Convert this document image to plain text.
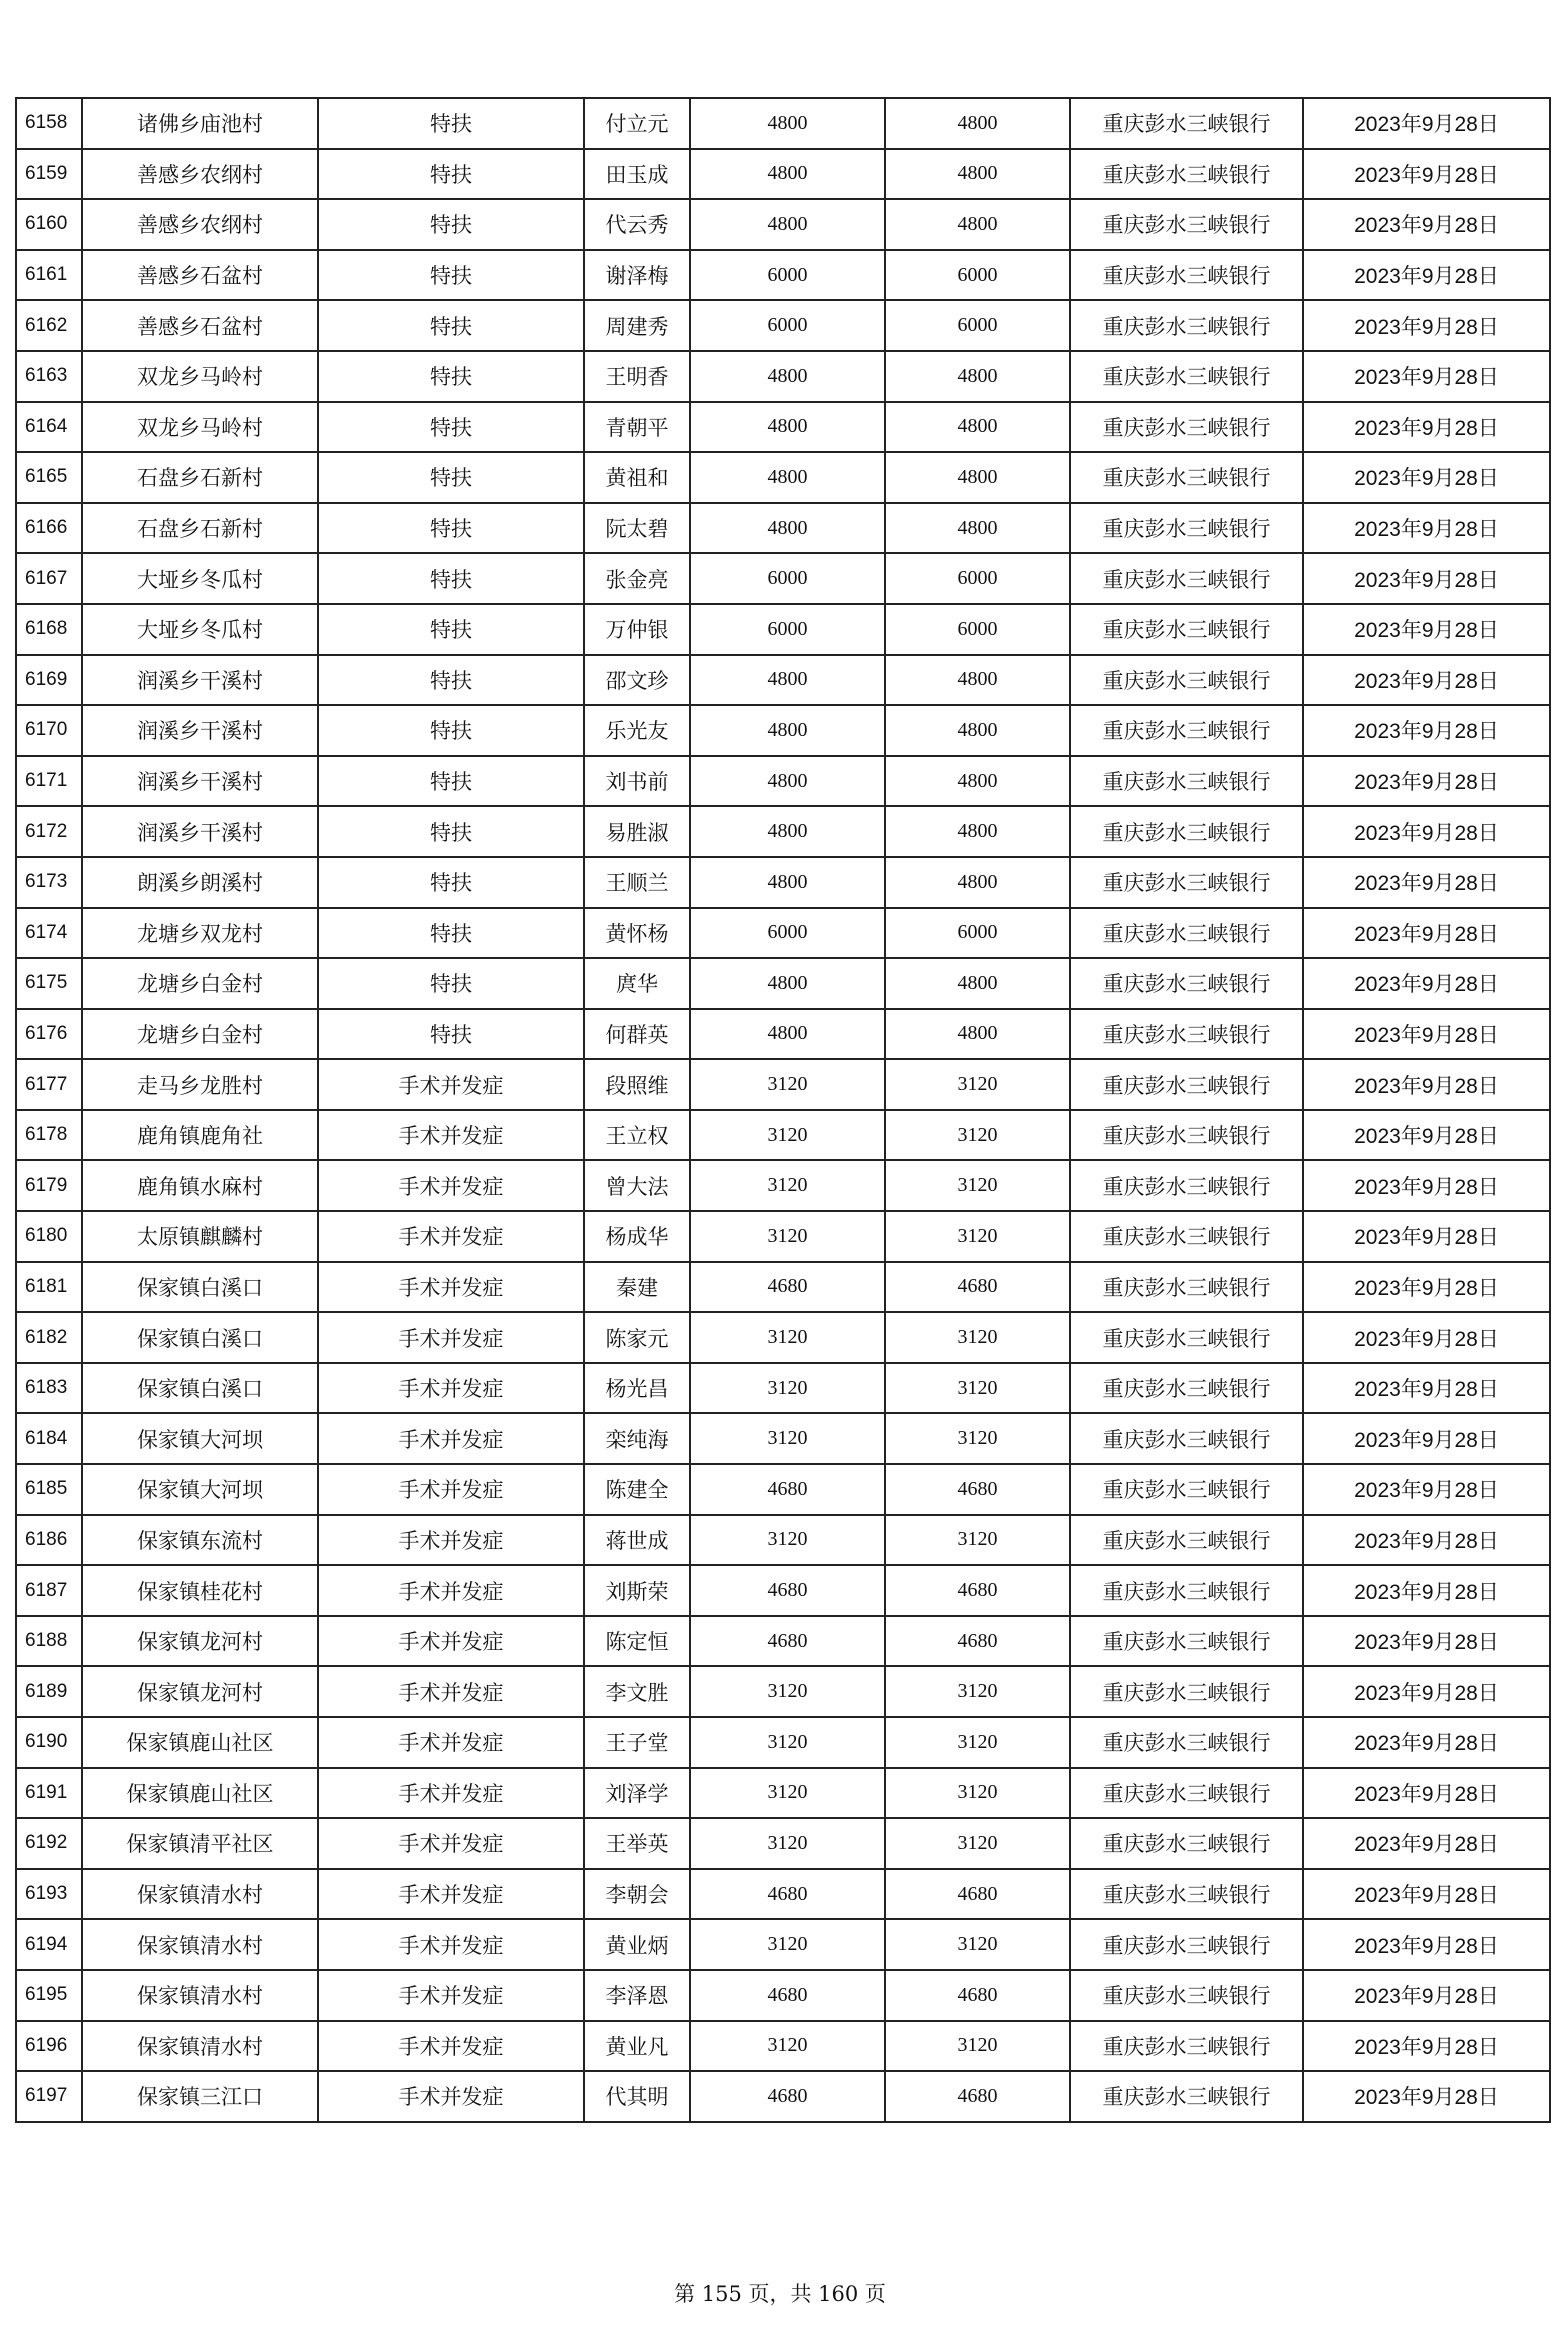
6158	诸佛乡庙池村	特扶	付立元	4800	4800	重庆彭水三峡银行	2023年9月28日
6159	善感乡农纲村	特扶	田玉成	4800	4800	重庆彭水三峡银行	2023年9月28日
6160	善感乡农纲村	特扶	代云秀	4800	4800	重庆彭水三峡银行	2023年9月28日
6161	善感乡石盆村	特扶	谢泽梅	6000	6000	重庆彭水三峡银行	2023年9月28日
6162	善感乡石盆村	特扶	周建秀	6000	6000	重庆彭水三峡银行	2023年9月28日
6163	双龙乡马岭村	特扶	王明香	4800	4800	重庆彭水三峡银行	2023年9月28日
6164	双龙乡马岭村	特扶	青朝平	4800	4800	重庆彭水三峡银行	2023年9月28日
6165	石盘乡石新村	特扶	黄祖和	4800	4800	重庆彭水三峡银行	2023年9月28日
6166	石盘乡石新村	特扶	阮太碧	4800	4800	重庆彭水三峡银行	2023年9月28日
6167	大垭乡冬瓜村	特扶	张金亮	6000	6000	重庆彭水三峡银行	2023年9月28日
6168	大垭乡冬瓜村	特扶	万仲银	6000	6000	重庆彭水三峡银行	2023年9月28日
6169	润溪乡干溪村	特扶	邵文珍	4800	4800	重庆彭水三峡银行	2023年9月28日
6170	润溪乡干溪村	特扶	乐光友	4800	4800	重庆彭水三峡银行	2023年9月28日
6171	润溪乡干溪村	特扶	刘书前	4800	4800	重庆彭水三峡银行	2023年9月28日
6172	润溪乡干溪村	特扶	易胜淑	4800	4800	重庆彭水三峡银行	2023年9月28日
6173	朗溪乡朗溪村	特扶	王顺兰	4800	4800	重庆彭水三峡银行	2023年9月28日
6174	龙塘乡双龙村	特扶	黄怀杨	6000	6000	重庆彭水三峡银行	2023年9月28日
6175	龙塘乡白金村	特扶	庹华	4800	4800	重庆彭水三峡银行	2023年9月28日
6176	龙塘乡白金村	特扶	何群英	4800	4800	重庆彭水三峡银行	2023年9月28日
6177	走马乡龙胜村	手术并发症	段照维	3120	3120	重庆彭水三峡银行	2023年9月28日
6178	鹿角镇鹿角社	手术并发症	王立权	3120	3120	重庆彭水三峡银行	2023年9月28日
6179	鹿角镇水麻村	手术并发症	曾大法	3120	3120	重庆彭水三峡银行	2023年9月28日
6180	太原镇麒麟村	手术并发症	杨成华	3120	3120	重庆彭水三峡银行	2023年9月28日
6181	保家镇白溪口	手术并发症	秦建	4680	4680	重庆彭水三峡银行	2023年9月28日
6182	保家镇白溪口	手术并发症	陈家元	3120	3120	重庆彭水三峡银行	2023年9月28日
6183	保家镇白溪口	手术并发症	杨光昌	3120	3120	重庆彭水三峡银行	2023年9月28日
6184	保家镇大河坝	手术并发症	栾纯海	3120	3120	重庆彭水三峡银行	2023年9月28日
6185	保家镇大河坝	手术并发症	陈建全	4680	4680	重庆彭水三峡银行	2023年9月28日
6186	保家镇东流村	手术并发症	蒋世成	3120	3120	重庆彭水三峡银行	2023年9月28日
6187	保家镇桂花村	手术并发症	刘斯荣	4680	4680	重庆彭水三峡银行	2023年9月28日
6188	保家镇龙河村	手术并发症	陈定恒	4680	4680	重庆彭水三峡银行	2023年9月28日
6189	保家镇龙河村	手术并发症	李文胜	3120	3120	重庆彭水三峡银行	2023年9月28日
6190	保家镇鹿山社区	手术并发症	王子堂	3120	3120	重庆彭水三峡银行	2023年9月28日
6191	保家镇鹿山社区	手术并发症	刘泽学	3120	3120	重庆彭水三峡银行	2023年9月28日
6192	保家镇清平社区	手术并发症	王举英	3120	3120	重庆彭水三峡银行	2023年9月28日
6193	保家镇清水村	手术并发症	李朝会	4680	4680	重庆彭水三峡银行	2023年9月28日
6194	保家镇清水村	手术并发症	黄业炳	3120	3120	重庆彭水三峡银行	2023年9月28日
6195	保家镇清水村	手术并发症	李泽恩	4680	4680	重庆彭水三峡银行	2023年9月28日
6196	保家镇清水村	手术并发症	黄业凡	3120	3120	重庆彭水三峡银行	2023年9月28日
6197	保家镇三江口	手术并发症	代其明	4680	4680	重庆彭水三峡银行	2023年9月28日
第 155 页，共 160 页
